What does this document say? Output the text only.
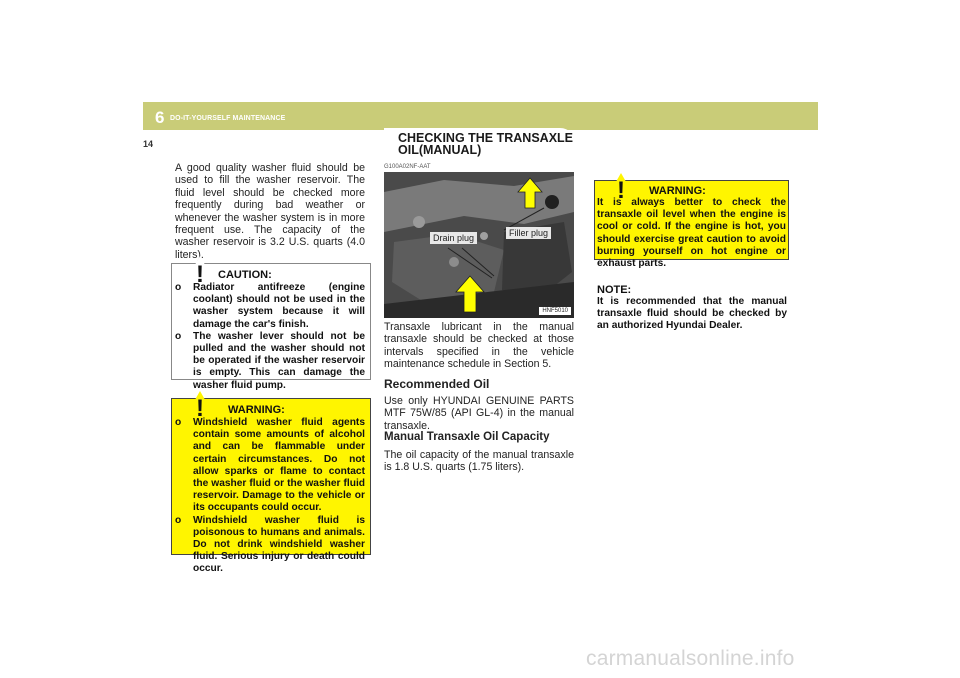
6 DO-IT-YOURSELF MAINTENANCE
14
A good quality washer fluid should be used to fill the washer reservoir. The fluid level should be checked more frequently during bad weather or whenever the washer system is in more frequent use. The capacity of the washer reservoir is 3.2 U.S. quarts (4.0 liters).
! CAUTION:
o Radiator antifreeze (engine coolant) should not be used in the washer system because it will damage the car's finish.
o The washer lever should not be pulled and the washer should not be operated if the washer reservoir is empty. This can damage the washer fluid pump.
! WARNING:
o Windshield washer fluid agents contain some amounts of alcohol and can be flammable under certain circumstances. Do not allow sparks or flame to contact the washer fluid or the washer fluid reservoir. Damage to the vehicle or its occupants could occur.
o Windshield washer fluid is poisonous to humans and animals. Do not drink windshield washer fluid. Serious injury or death could occur.
CHECKING THE TRANSAXLE OIL(MANUAL)
G100A02NF-AAT
Drain plug	Filler plug
HNF5010
Transaxle lubricant in the manual transaxle should be checked at those intervals specified in the vehicle maintenance schedule in Section 5.
Recommended Oil
Use only HYUNDAI GENUINE PARTS MTF 75W/85 (API GL-4) in the manual transaxle.
Manual Transaxle Oil Capacity
The oil capacity of the manual transaxle is 1.8 U.S. quarts (1.75 liters).
! WARNING:
It is always better to check the transaxle oil level when the engine is cool or cold. If the engine is hot, you should exercise great caution to avoid burning yourself on hot engine or exhaust parts.
NOTE:
It is recommended that the manual transaxle fluid should be checked by an authorized Hyundai Dealer.
carmanualsonline.info
